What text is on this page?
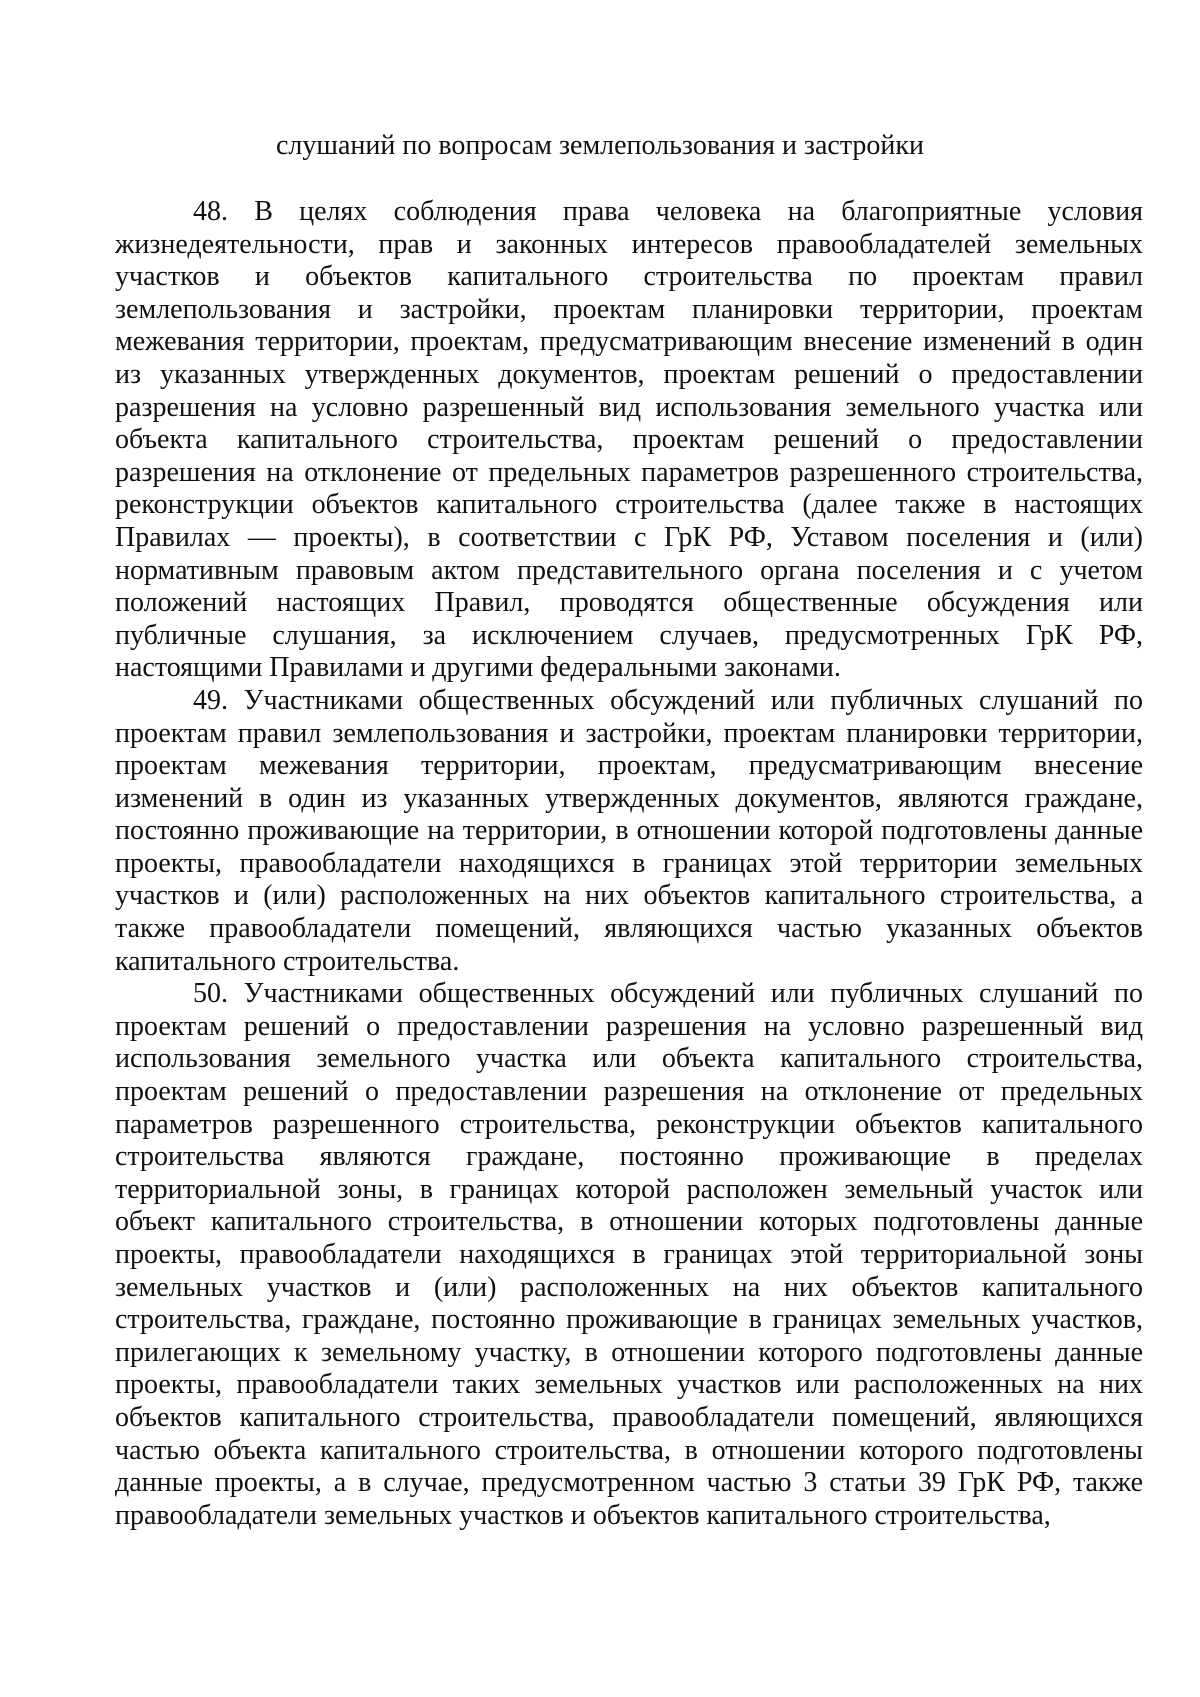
слушаний по вопросам землепользования и застройки

48. В целях соблюдения права человека на благоприятные условия жизнедеятельности, прав и законных интересов правообладателей земельных участков и объектов капитального строительства по проектам правил землепользования и застройки, проектам планировки территории, проектам межевания территории, проектам, предусматривающим внесение изменений в один из указанных утвержденных документов, проектам решений о предоставлении разрешения на условно разрешенный вид использования земельного участка или объекта капитального строительства, проектам решений о предоставлении разрешения на отклонение от предельных параметров разрешенного строительства, реконструкции объектов капитального строительства (далее также в настоящих Правилах — проекты), в соответствии с ГрК РФ, Уставом поселения и (или) нормативным правовым актом представительного органа поселения и с учетом положений настоящих Правил, проводятся общественные обсуждения или публичные слушания, за исключением случаев, предусмотренных ГрК РФ, настоящими Правилами и другими федеральными законами.

49. Участниками общественных обсуждений или публичных слушаний по проектам правил землепользования и застройки, проектам планировки территории, проектам межевания территории, проектам, предусматривающим внесение изменений в один из указанных утвержденных документов, являются граждане, постоянно проживающие на территории, в отношении которой подготовлены данные проекты, правообладатели находящихся в границах этой территории земельных участков и (или) расположенных на них объектов капитального строительства, а также правообладатели помещений, являющихся частью указанных объектов капитального строительства.

50. Участниками общественных обсуждений или публичных слушаний по проектам решений о предоставлении разрешения на условно разрешенный вид использования земельного участка или объекта капитального строительства, проектам решений о предоставлении разрешения на отклонение от предельных параметров разрешенного строительства, реконструкции объектов капитального строительства являются граждане, постоянно проживающие в пределах территориальной зоны, в границах которой расположен земельный участок или объект капитального строительства, в отношении которых подготовлены данные проекты, правообладатели находящихся в границах этой территориальной зоны земельных участков и (или) расположенных на них объектов капитального строительства, граждане, постоянно проживающие в границах земельных участков, прилегающих к земельному участку, в отношении которого подготовлены данные проекты, правообладатели таких земельных участков или расположенных на них объектов капитального строительства, правообладатели помещений, являющихся частью объекта капитального строительства, в отношении которого подготовлены данные проекты, а в случае, предусмотренном частью 3 статьи 39 ГрК РФ, также правообладатели земельных участков и объектов капитального строительства,
